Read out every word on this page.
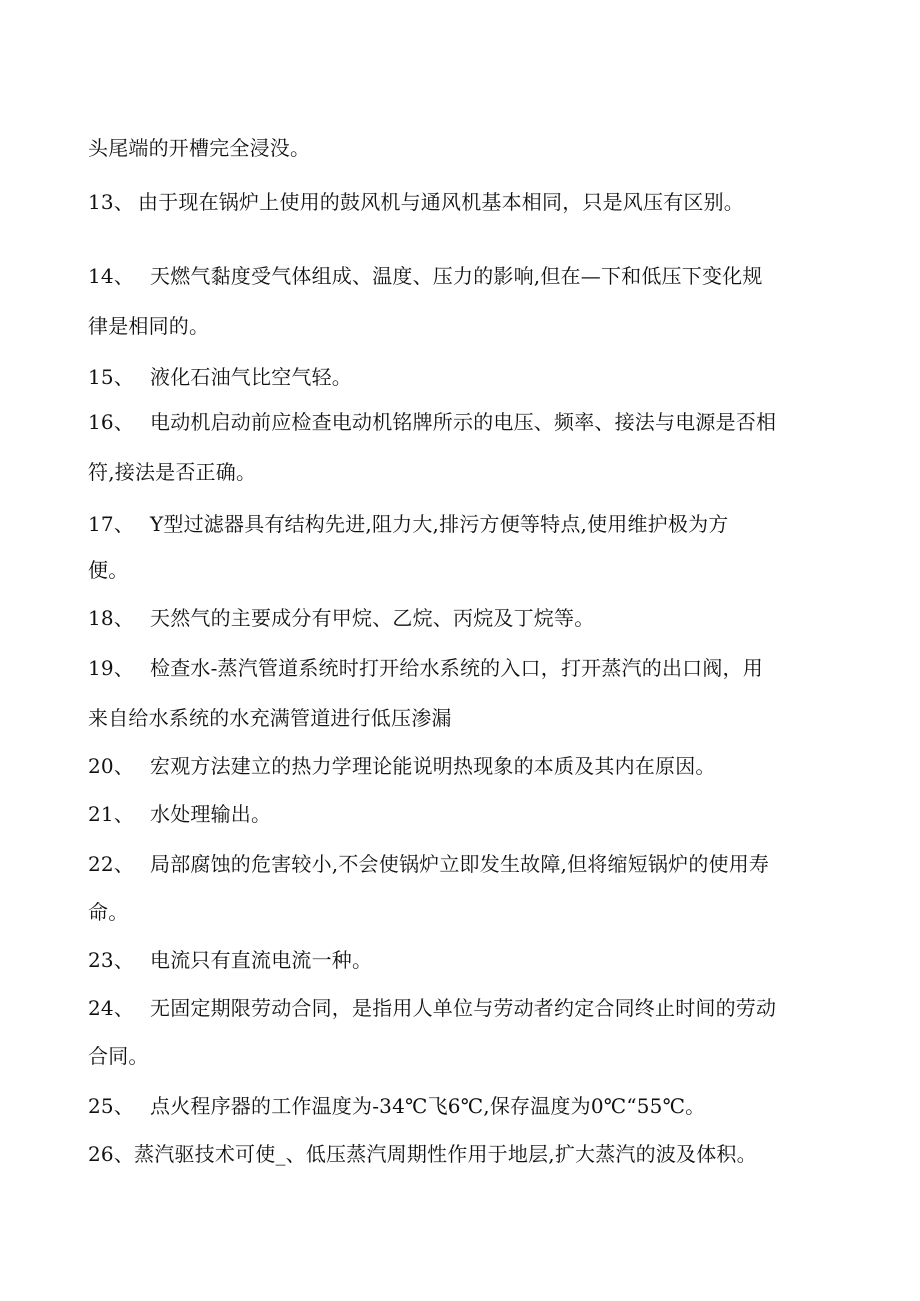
头尾端的开槽完全浸没。
13、 由于现在锅炉上使用的鼓风机与通风机基本相同，只是风压有区别。
14、 天燃气黏度受气体组成、温度、压力的影响,但在—下和低压下变化规
律是相同的。
15、 液化石油气比空气轻。
16、 电动机启动前应检查电动机铭牌所示的电压、频率、接法与电源是否相
符,接法是否正确。
17、 Y型过滤器具有结构先进,阻力大,排污方便等特点,使用维护极为方
便。
18、 天然气的主要成分有甲烷、乙烷、丙烷及丁烷等。
19、 检查水-蒸汽管道系统时打开给水系统的入口，打开蒸汽的出口阀，用
来自给水系统的水充满管道进行低压渗漏
20、 宏观方法建立的热力学理论能说明热现象的本质及其内在原因。
21、 水处理输出。
22、 局部腐蚀的危害较小,不会使锅炉立即发生故障,但将缩短锅炉的使用寿
命。
23、 电流只有直流电流一种。
24、 无固定期限劳动合同，是指用人单位与劳动者约定合同终止时间的劳动
合同。
25、 点火程序器的工作温度为-34℃飞6℃,保存温度为0℃“55℃。
26、蒸汽驱技术可使_、低压蒸汽周期性作用于地层,扩大蒸汽的波及体积。
